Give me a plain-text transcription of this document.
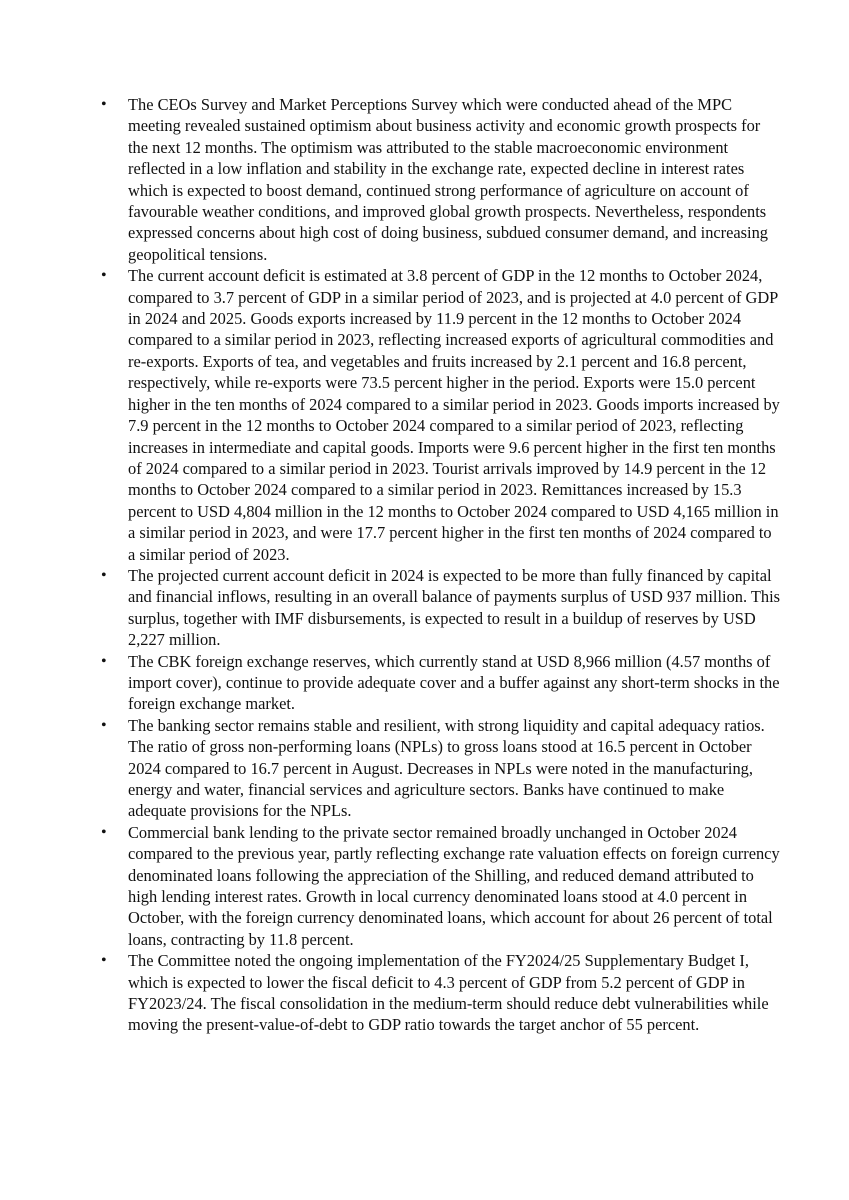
•	The CEOs Survey and Market Perceptions Survey which were conducted ahead of the MPC meeting revealed sustained optimism about business activity and economic growth prospects for the next 12 months. The optimism was attributed to the stable macroeconomic environment reflected in a low inflation and stability in the exchange rate, expected decline in interest rates which is expected to boost demand, continued strong performance of agriculture on account of favourable weather conditions, and improved global growth prospects. Nevertheless, respondents expressed concerns about high cost of doing business, subdued consumer demand, and increasing geopolitical tensions.
•	The current account deficit is estimated at 3.8 percent of GDP in the 12 months to October 2024, compared to 3.7 percent of GDP in a similar period of 2023, and is projected at 4.0 percent of GDP in 2024 and 2025. Goods exports increased by 11.9 percent in the 12 months to October 2024 compared to a similar period in 2023, reflecting increased exports of agricultural commodities and re-exports. Exports of tea, and vegetables and fruits increased by 2.1 percent and 16.8 percent, respectively, while re-exports were 73.5 percent higher in the period. Exports were 15.0 percent higher in the ten months of 2024 compared to a similar period in 2023. Goods imports increased by 7.9 percent in the 12 months to October 2024 compared to a similar period of 2023, reflecting increases in intermediate and capital goods. Imports were 9.6 percent higher in the first ten months of 2024 compared to a similar period in 2023. Tourist arrivals improved by 14.9 percent in the 12 months to October 2024 compared to a similar period in 2023. Remittances increased by 15.3 percent to USD 4,804 million in the 12 months to October 2024 compared to USD 4,165 million in a similar period in 2023, and were 17.7 percent higher in the first ten months of 2024 compared to a similar period of 2023.
•	The projected current account deficit in 2024 is expected to be more than fully financed by capital and financial inflows, resulting in an overall balance of payments surplus of USD 937 million. This surplus, together with IMF disbursements, is expected to result in a buildup of reserves by USD 2,227 million.
•	The CBK foreign exchange reserves, which currently stand at USD 8,966 million (4.57 months of import cover), continue to provide adequate cover and a buffer against any short-term shocks in the foreign exchange market.
•	The banking sector remains stable and resilient, with strong liquidity and capital adequacy ratios. The ratio of gross non-performing loans (NPLs) to gross loans stood at 16.5 percent in October 2024 compared to 16.7 percent in August. Decreases in NPLs were noted in the manufacturing, energy and water, financial services and agriculture sectors. Banks have continued to make adequate provisions for the NPLs.
•	Commercial bank lending to the private sector remained broadly unchanged in October 2024 compared to the previous year, partly reflecting exchange rate valuation effects on foreign currency denominated loans following the appreciation of the Shilling, and reduced demand attributed to high lending interest rates. Growth in local currency denominated loans stood at 4.0 percent in October, with the foreign currency denominated loans, which account for about 26 percent of total loans, contracting by 11.8 percent.
•	The Committee noted the ongoing implementation of the FY2024/25 Supplementary Budget I, which is expected to lower the fiscal deficit to 4.3 percent of GDP from 5.2 percent of GDP in FY2023/24. The fiscal consolidation in the medium-term should reduce debt vulnerabilities while moving the present-value-of-debt to GDP ratio towards the target anchor of 55 percent.
